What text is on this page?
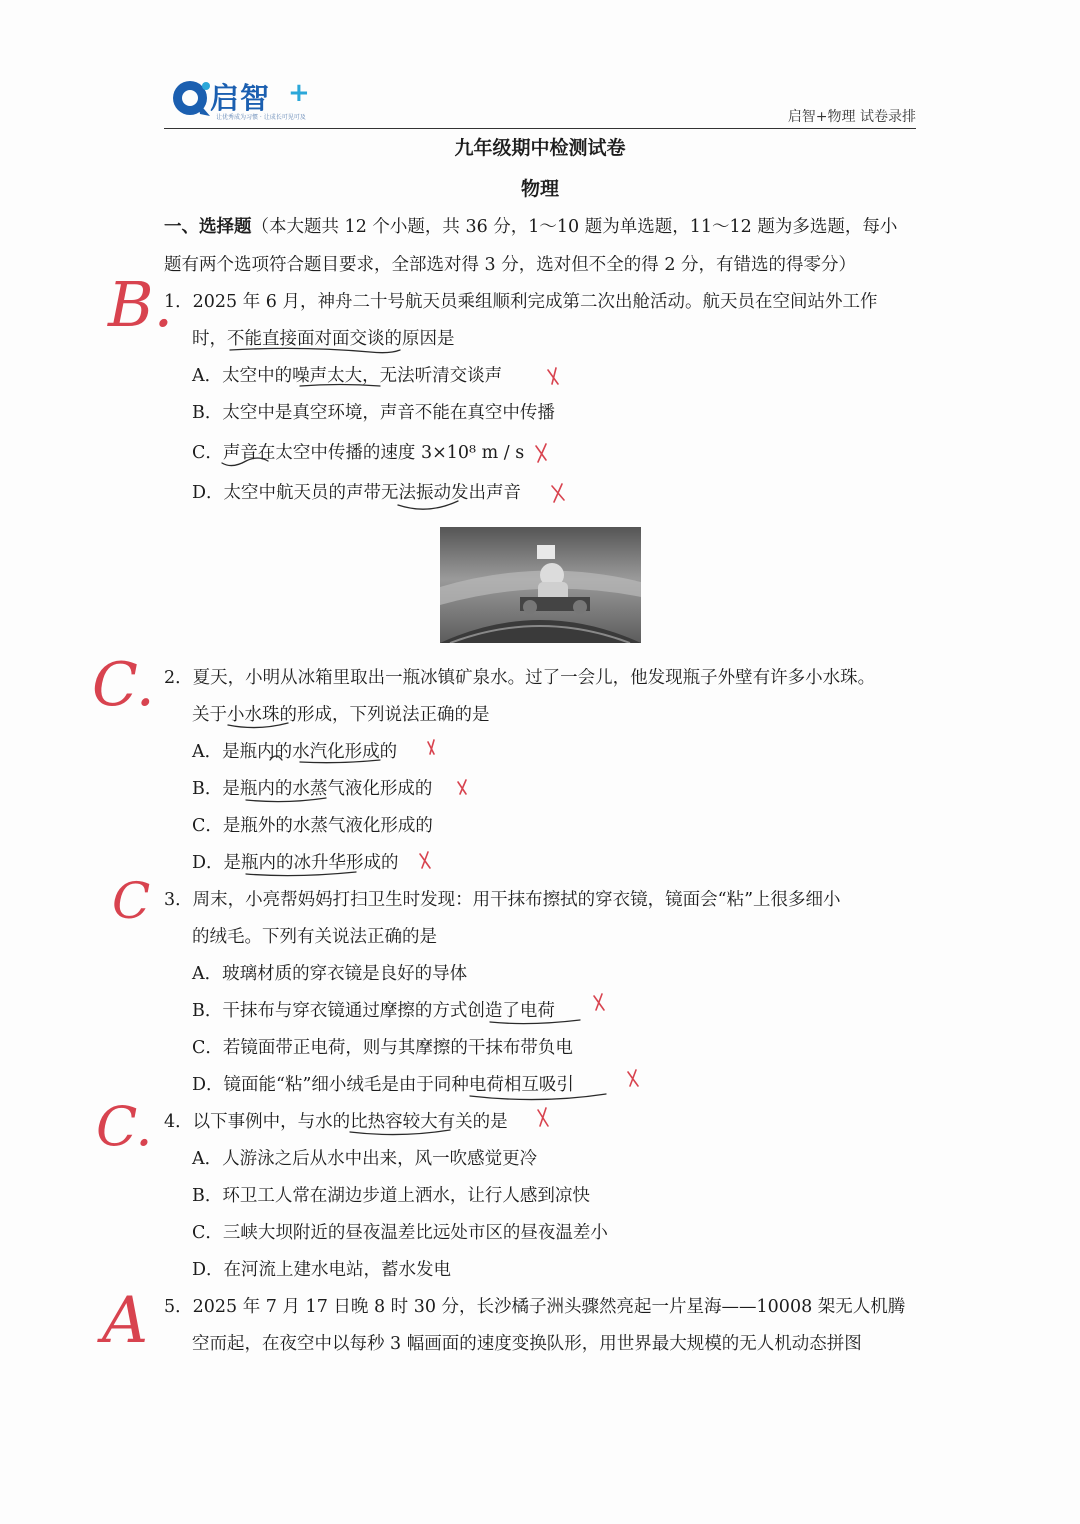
启智 +
让优秀成为习惯 · 让成长可见可及	启智+物理 试卷录排
九年级期中检测试卷
物理
一、选择题（本大题共 12 个小题，共 36 分，1～10 题为单选题，11～12 题为多选题，每小
题有两个选项符合题目要求，全部选对得 3 分，选对但不全的得 2 分，有错选的得零分）
1．2025 年 6 月，神舟二十号航天员乘组顺利完成第二次出舱活动。航天员在空间站外工作
时，不能直接面对面交谈的原因是
A．太空中的噪声太大，无法听清交谈声
B．太空中是真空环境，声音不能在真空中传播
C．声音在太空中传播的速度 3×10⁸ m / s
D．太空中航天员的声带无法振动发出声音
2．夏天，小明从冰箱里取出一瓶冰镇矿泉水。过了一会儿，他发现瓶子外壁有许多小水珠。
关于小水珠的形成，下列说法正确的是
A．是瓶内的水汽化形成的
B．是瓶内的水蒸气液化形成的
C．是瓶外的水蒸气液化形成的
D．是瓶内的冰升华形成的
3．周末，小亮帮妈妈打扫卫生时发现：用干抹布擦拭的穿衣镜，镜面会“粘”上很多细小
的绒毛。下列有关说法正确的是
A．玻璃材质的穿衣镜是良好的导体
B．干抹布与穿衣镜通过摩擦的方式创造了电荷
C．若镜面带正电荷，则与其摩擦的干抹布带负电
D．镜面能“粘”细小绒毛是由于同种电荷相互吸引
4．以下事例中，与水的比热容较大有关的是
A．人游泳之后从水中出来，风一吹感觉更冷
B．环卫工人常在湖边步道上洒水，让行人感到凉快
C．三峡大坝附近的昼夜温差比远处市区的昼夜温差小
D．在河流上建水电站，蓄水发电
5．2025 年 7 月 17 日晚 8 时 30 分，长沙橘子洲头骤然亮起一片星海——10008 架无人机腾
空而起，在夜空中以每秒 3 幅画面的速度变换队形，用世界最大规模的无人机动态拼图
B.
C.
C
C.
A
